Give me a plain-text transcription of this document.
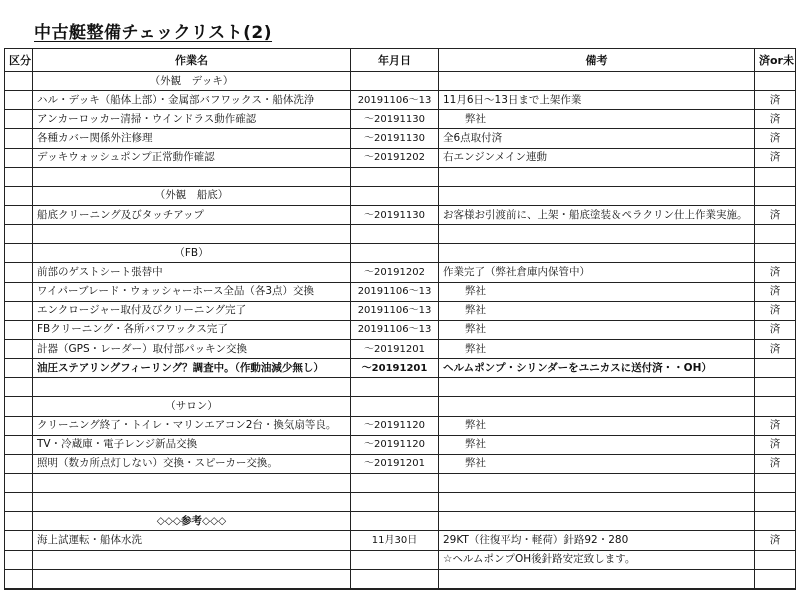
中古艇整備チェックリスト(2)
区分	作業名	年月日	備考	済or未
	（外観　デッキ）			
	ハル・デッキ（船体上部）・金属部バフワックス・船体洗浄	20191106～13	11月6日～13日まで上架作業	済
	アンカーロッカー清掃・ウインドラス動作確認	～20191130	弊社	済
	各種カバー関係外注修理	～20191130	全6点取付済	済
	デッキウォッシュポンプ正常動作確認	～20191202	右エンジンメイン連動	済

	（外観　船底）			
	船底クリーニング及びタッチアップ	～20191130	お客様お引渡前に、上架・船底塗装＆ペラクリン仕上作業実施。	済

	（FB）			
	前部のゲストシート張替中	～20191202	作業完了（弊社倉庫内保管中）	済
	ワイパーブレード・ウォッシャーホース全品（各3点）交換	20191106～13	弊社	済
	エンクロージャー取付及びクリーニング完了	20191106～13	弊社	済
	FBクリーニング・各所バフワックス完了	20191106～13	弊社	済
	計器（GPS・レーダー）取付部パッキン交換	～20191201	弊社	済
	油圧ステアリングフィーリング？調査中。（作動油減少無し）	～20191201	ヘルムポンプ・シリンダーをユニカスに送付済・・OH）	

	（サロン）			
	クリーニング終了・トイレ・マリンエアコン2台・換気扇等良。	～20191120	弊社	済
	TV・冷蔵庫・電子レンジ新品交換	～20191120	弊社	済
	照明（数カ所点灯しない）交換・スピーカー交換。	～20191201	弊社	済

	◇◇◇参考◇◇◇			
	海上試運転・船体水洗	11月30日	29KT（往復平均・軽荷）針路92・280	済
			☆ヘルムポンプOH後針路安定致します。	
